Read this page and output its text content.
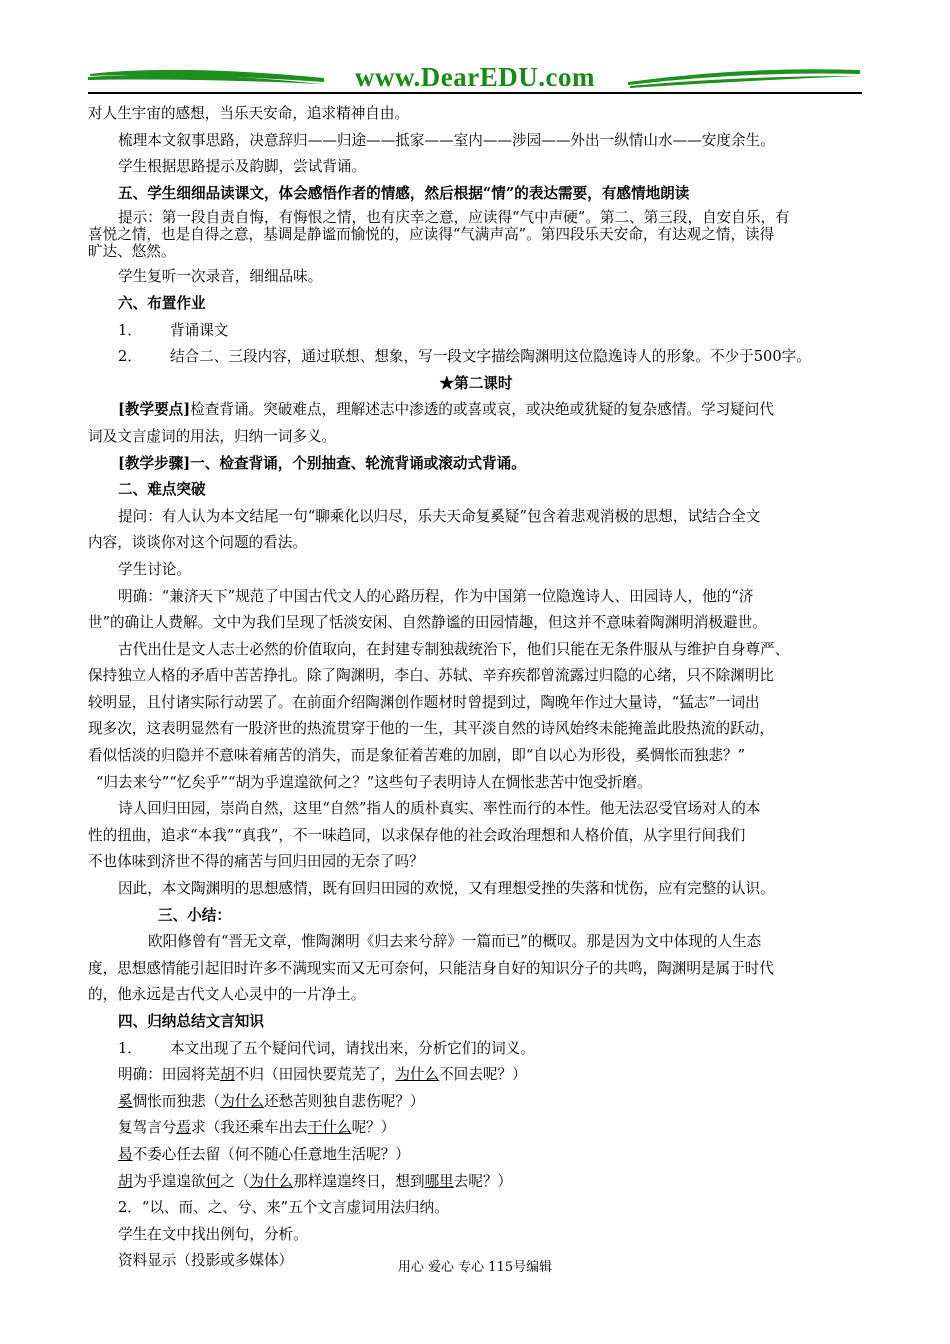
www.DearEDU.com

对人生宇宙的感想，当乐天安命，追求精神自由。

梳理本文叙事思路，决意辞归——归途——抵家——室内——涉园——外出一纵情山水——安度余生。

学生根据思路提示及韵脚，尝试背诵。

五、学生细细品读课文，体会感悟作者的情感，然后根据“情”的表达需要，有感情地朗读

提示：第一段自责自悔，有悔恨之情，也有庆幸之意，应读得“气中声硬”。第二、第三段，自安自乐，有

喜悦之情，也是自得之意，基调是静谧而愉悦的，应读得“气满声高”。第四段乐天安命，有达观之情，读得

旷达、悠然。

学生复听一次录音，细细品味。

六、布置作业

1． 背诵课文

2． 结合二、三段内容，通过联想、想象，写一段文字描绘陶渊明这位隐逸诗人的形象。不少于500字。

★第二课时

[教学要点]检查背诵。突破难点，理解述志中渗透的或喜或哀，或决绝或犹疑的复杂感情。学习疑问代

词及文言虚词的用法，归纳一词多义。

[教学步骤]一、检查背诵，个别抽查、轮流背诵或滚动式背诵。

二、难点突破

提问：有人认为本文结尾一句“聊乘化以归尽，乐夫天命复奚疑”包含着悲观消极的思想，试结合全文

内容，谈谈你对这个问题的看法。

学生讨论。

明确：“兼济天下”规范了中国古代文人的心路历程，作为中国第一位隐逸诗人、田园诗人，他的“济

世”的确让人费解。文中为我们呈现了恬淡安闲、自然静谧的田园情趣，但这并不意味着陶渊明消极避世。

古代出仕是文人志士必然的价值取向，在封建专制独裁统治下，他们只能在无条件服从与维护自身尊严、

保持独立人格的矛盾中苦苦挣扎。除了陶渊明，李白、苏轼、辛弃疾都曾流露过归隐的心绪，只不除渊明比

较明显，且付诸实际行动罢了。在前面介绍陶渊创作题材时曾提到过，陶晚年作过大量诗，“猛志”一词出

现多次，这表明显然有一股济世的热流贯穿于他的一生，其平淡自然的诗风始终未能掩盖此股热流的跃动，

看似恬淡的归隐并不意味着痛苦的消失，而是象征着苦难的加剧，即“自以心为形役，奚惆怅而独悲？”

“归去来兮”“忆矣乎”“胡为乎遑遑欲何之？”这些句子表明诗人在惆怅悲苦中饱受折磨。

诗人回归田园，崇尚自然，这里“自然”指人的质朴真实、率性而行的本性。他无法忍受官场对人的本

性的扭曲，追求“本我”“真我”，不一味趋同，以求保存他的社会政治理想和人格价值，从字里行间我们

不也体味到济世不得的痛苦与回归田园的无奈了吗？

因此，本文陶渊明的思想感情，既有回归田园的欢悦，又有理想受挫的失落和忧伤，应有完整的认识。

三、小结：

欧阳修曾有“晋无文章，惟陶渊明《归去来兮辞》一篇而已”的概叹。那是因为文中体现的人生态

度，思想感情能引起旧时许多不满现实而又无可奈何，只能洁身自好的知识分子的共鸣，陶渊明是属于时代

的，他永远是古代文人心灵中的一片净土。

四、归纳总结文言知识

1． 本文出现了五个疑问代词，请找出来，分析它们的词义。

明确：田园将芜胡不归（田园快要荒芜了，为什么不回去呢？）

奚惆怅而独悲（为什么还愁苦则独自悲伤呢？）

复驾言兮焉求（我还乘车出去干什么呢？）

曷不委心任去留（何不随心任意地生活呢？）

胡为乎遑遑欲何之（为什么那样遑遑终日，想到哪里去呢？）

2．“以、而、之、兮、来”五个文言虚词用法归纳。

学生在文中找出例句，分析。

资料显示（投影或多媒体）	用心 爱心 专心 115号编辑
